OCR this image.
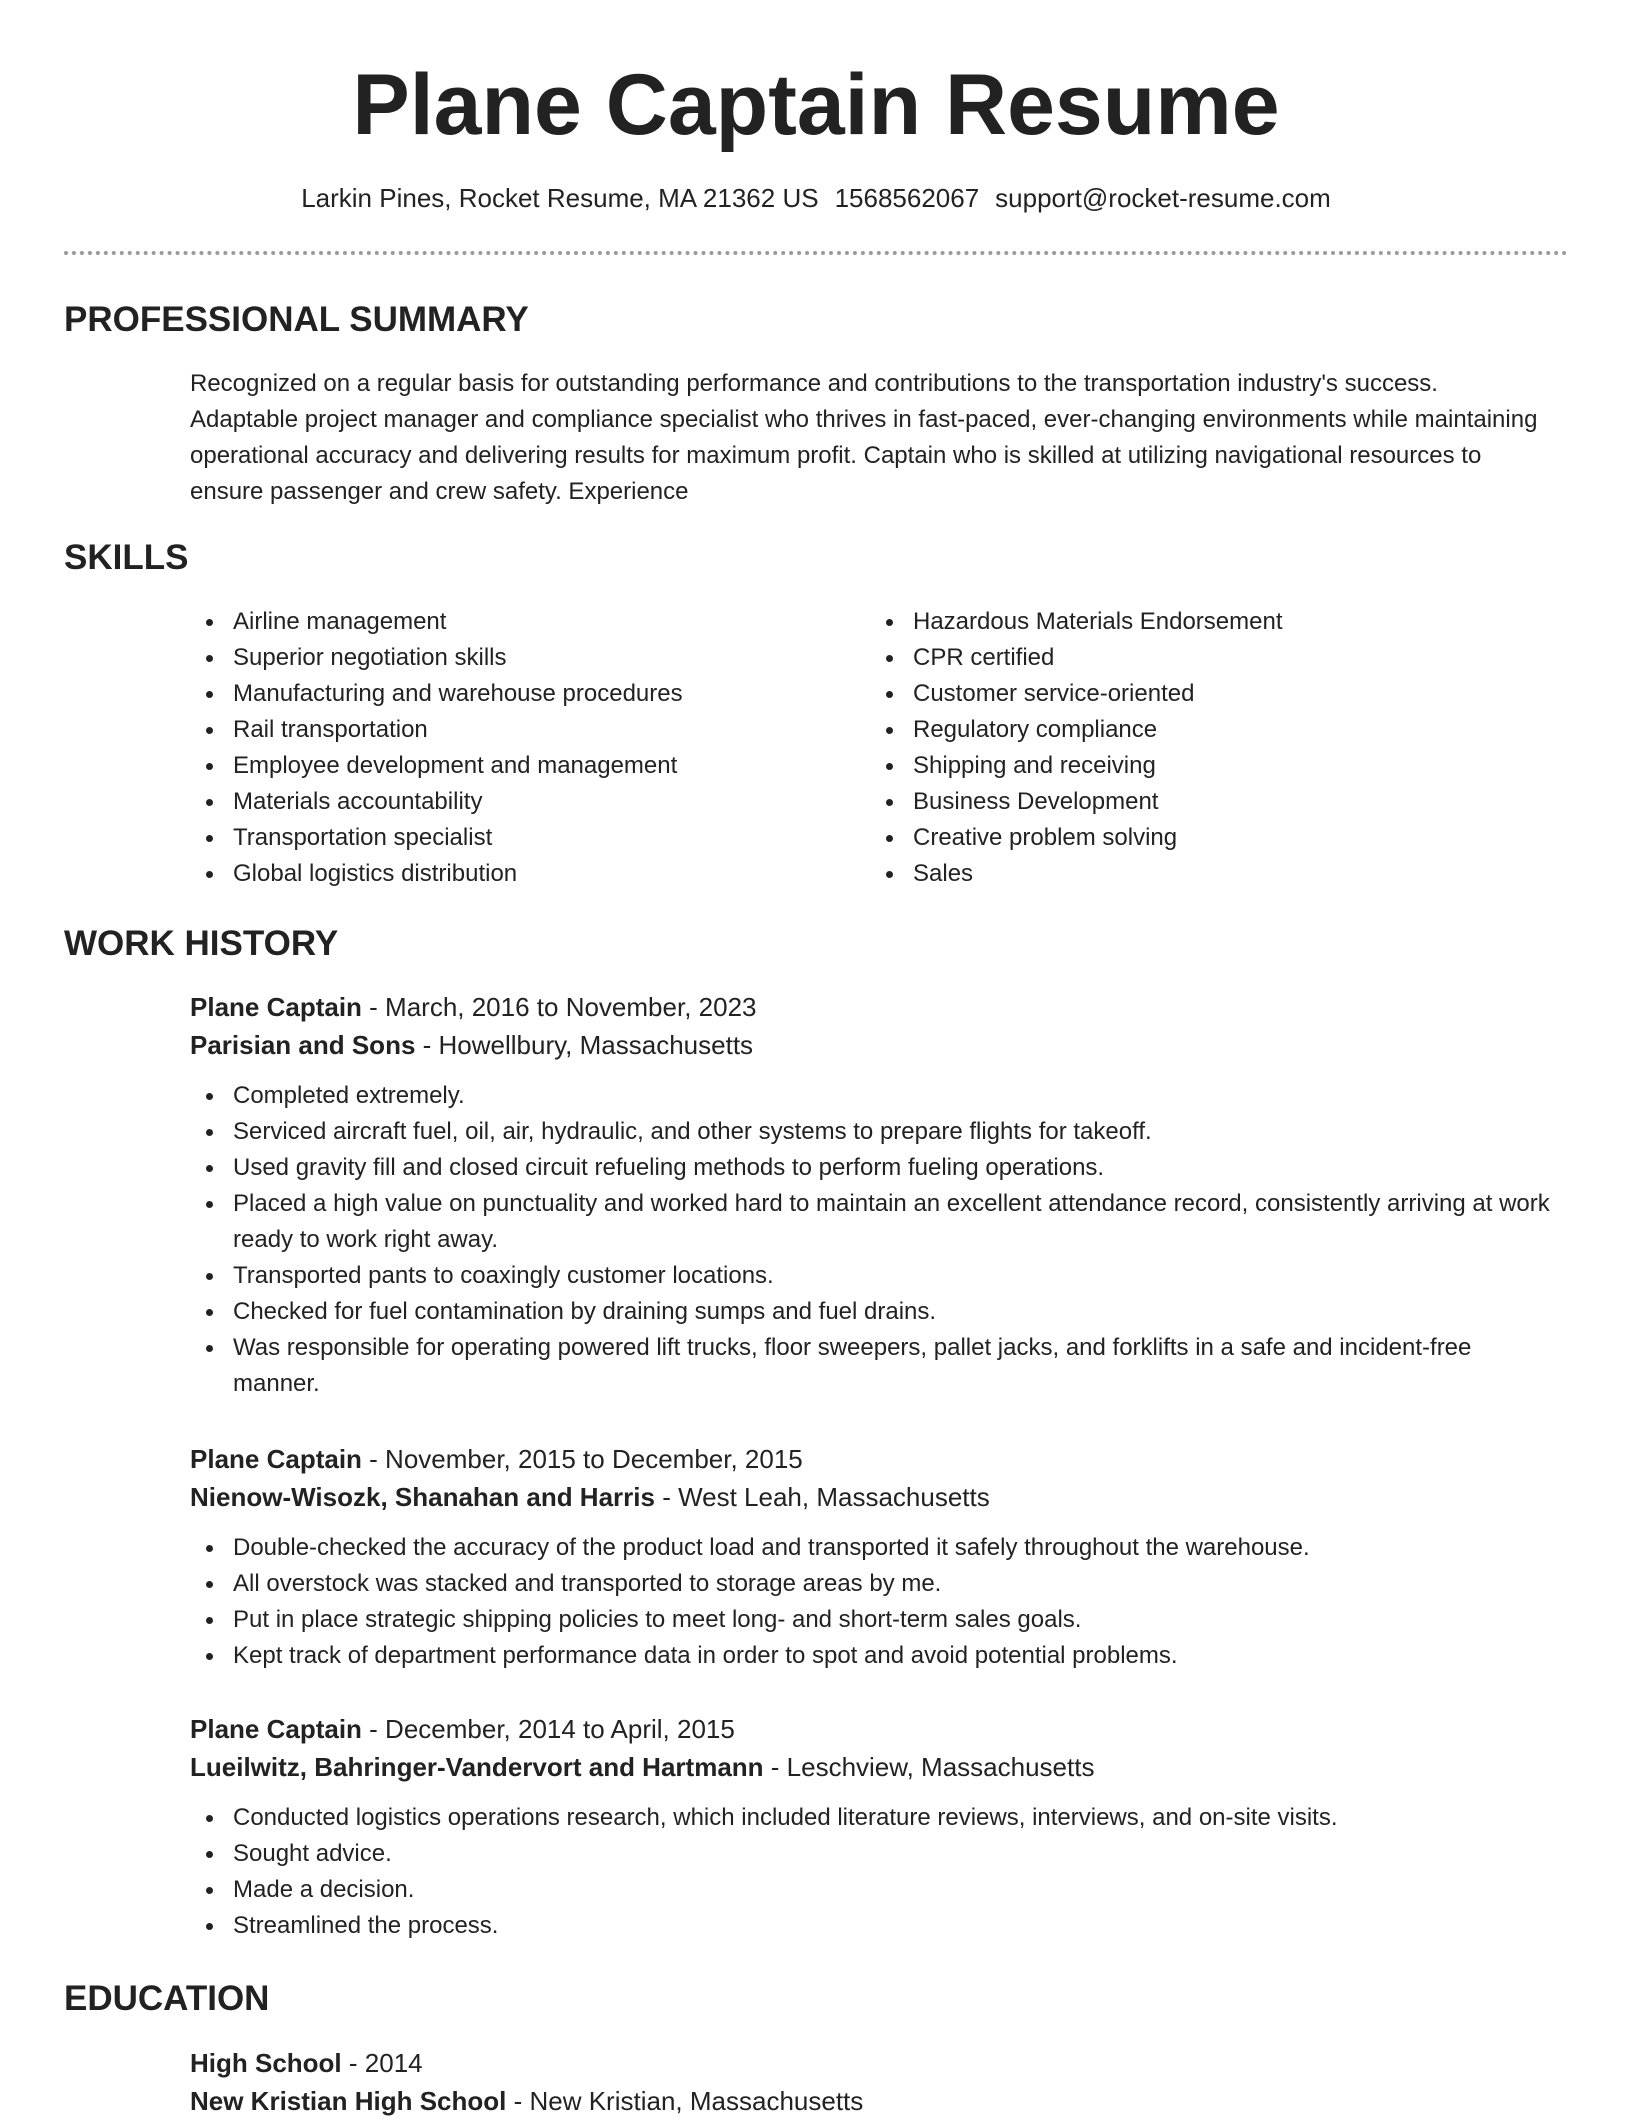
Plane Captain Resume
Larkin Pines, Rocket Resume, MA 21362 US 1568562067 support@rocket-resume.com
PROFESSIONAL SUMMARY

Recognized on a regular basis for outstanding performance and contributions to the transportation industry's success. Adaptable project manager and compliance specialist who thrives in fast-paced, ever-changing environments while maintaining operational accuracy and delivering results for maximum profit. Captain who is skilled at utilizing navigational resources to ensure passenger and crew safety. Experience

SKILLS
Airline management
Superior negotiation skills
Manufacturing and warehouse procedures
Rail transportation
Employee development and management
Materials accountability
Transportation specialist
Global logistics distribution
Hazardous Materials Endorsement
CPR certified
Customer service-oriented
Regulatory compliance
Shipping and receiving
Business Development
Creative problem solving
Sales
WORK HISTORY
Plane Captain - March, 2016 to November, 2023
Parisian and Sons - Howellbury, Massachusetts
Completed extremely.
Serviced aircraft fuel, oil, air, hydraulic, and other systems to prepare flights for takeoff.
Used gravity fill and closed circuit refueling methods to perform fueling operations.
Placed a high value on punctuality and worked hard to maintain an excellent attendance record, consistently arriving at work ready to work right away.
Transported pants to coaxingly customer locations.
Checked for fuel contamination by draining sumps and fuel drains.
Was responsible for operating powered lift trucks, floor sweepers, pallet jacks, and forklifts in a safe and incident-free manner.
Plane Captain - November, 2015 to December, 2015
Nienow-Wisozk, Shanahan and Harris - West Leah, Massachusetts
Double-checked the accuracy of the product load and transported it safely throughout the warehouse.
All overstock was stacked and transported to storage areas by me.
Put in place strategic shipping policies to meet long- and short-term sales goals.
Kept track of department performance data in order to spot and avoid potential problems.
Plane Captain - December, 2014 to April, 2015
Lueilwitz, Bahringer-Vandervort and Hartmann - Leschview, Massachusetts
Conducted logistics operations research, which included literature reviews, interviews, and on-site visits.
Sought advice.
Made a decision.
Streamlined the process.
EDUCATION
High School - 2014
New Kristian High School - New Kristian, Massachusetts
